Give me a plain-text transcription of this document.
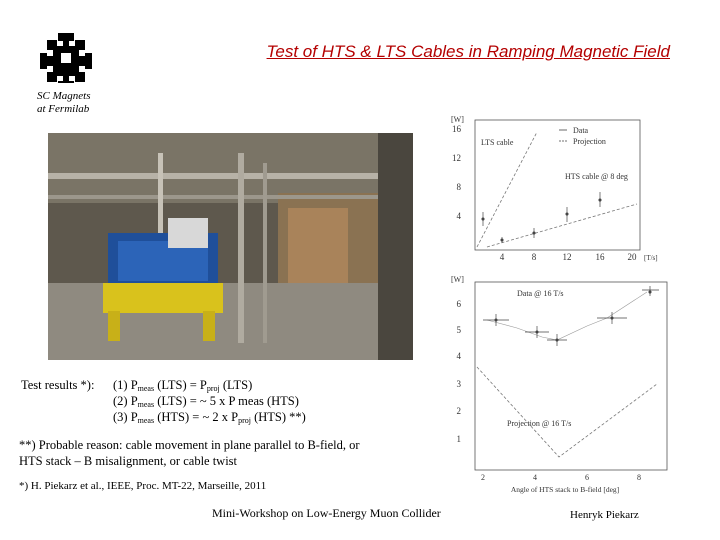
Test of HTS & LTS Cables in Ramping Magnetic Field
SC Magnets
at Fermilab
Test results *): (1) $P_{meas}$ $(LTS) = P_{proj}$ (LTS)
(2) $P_{meas}$ (LTS) = ~ 5 x P meas (HTS)
(3) $P_{meas}$ (HTS) = ~ 2 x $P_{proj}$ (HTS) **)
**) Probable reason: cable movement in plane parallel to B-field, or
HTS stack – B misalignment, or cable twist
*) H. Piekarz et al., IEEE, Proc. MT-22, Marseille, 2011
Mini-Workshop on Low-Energy Muon Collider	Henryk Piekarz
[W]
16
12
8
4
4	8	12	16	20 [T/s]
Data
Projection
LTS cable
HTS cable @ 8 deg
[W]
6
5
4
3
2
1
2	4	6	8
Angle of HTS stack to B-field [deg]
Data @ 16 T/s
Projection @ 16 T/s
